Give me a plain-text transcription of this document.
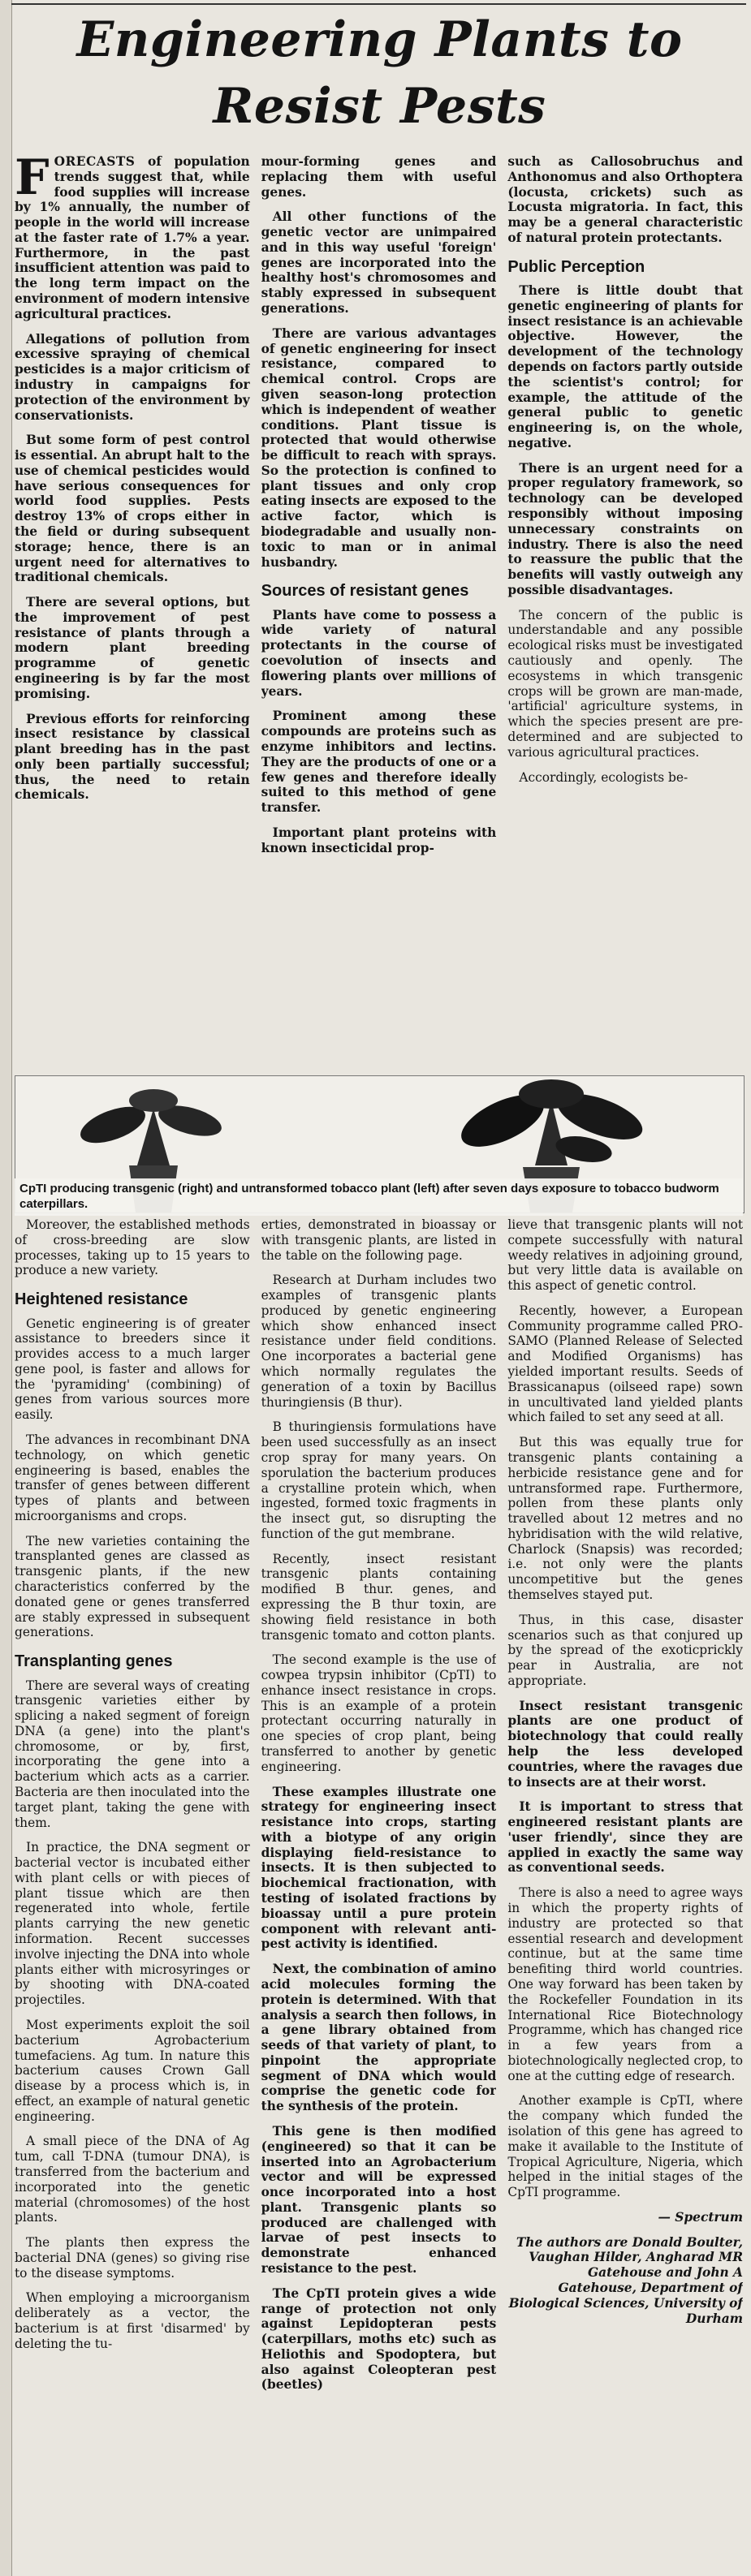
Engineering Plants to Resist Pests

FORECASTS of population trends suggest that, while food supplies will increase by 1% annually, the number of people in the world will increase at the faster rate of 1.7% a year. Furthermore, in the past insufficient attention was paid to the long term impact on the environment of modern intensive agricultural practices.

Allegations of pollution from excessive spraying of chemical pesticides is a major criticism of industry in campaigns for protection of the environment by conservationists.

But some form of pest control is essential. An abrupt halt to the use of chemical pesticides would have serious consequences for world food supplies. Pests destroy 13% of crops either in the field or during subsequent storage; hence, there is an urgent need for alternatives to traditional chemicals.

There are several options, but the improvement of pest resistance of plants through a modern plant breeding programme of genetic engineering is by far the most promising.

Previous efforts for reinforcing insect resistance by classical plant breeding has in the past only been partially successful; thus, the need to retain chemicals.

mour-forming genes and replacing them with useful genes.

All other functions of the genetic vector are unimpaired and in this way useful 'foreign' genes are incorporated into the healthy host's chromosomes and stably expressed in subsequent generations.

There are various advantages of genetic engineering for insect resistance, compared to chemical control. Crops are given season-long protection which is independent of weather conditions. Plant tissue is protected that would otherwise be difficult to reach with sprays. So the protection is confined to plant tissues and only crop eating insects are exposed to the active factor, which is biodegradable and usually non-toxic to man or in animal husbandry.

Sources of resistant genes

Plants have come to possess a wide variety of natural protectants in the course of coevolution of insects and flowering plants over millions of years.

Prominent among these compounds are proteins such as enzyme inhibitors and lectins. They are the products of one or a few genes and therefore ideally suited to this method of gene transfer.

Important plant proteins with known insecticidal prop-

such as Callosobruchus and Anthonomus and also Orthoptera (locusta, crickets) such as Locusta migratoria. In fact, this may be a general characteristic of natural protein protectants.

Public Perception

There is little doubt that genetic engineering of plants for insect resistance is an achievable objective. However, the development of the technology depends on factors partly outside the scientist's control; for example, the attitude of the general public to genetic engineering is, on the whole, negative.

There is an urgent need for a proper regulatory framework, so technology can be developed responsibly without imposing unnecessary constraints on industry. There is also the need to reassure the public that the benefits will vastly outweigh any possible disadvantages.

The concern of the public is understandable and any possible ecological risks must be investigated cautiously and openly. The ecosystems in which transgenic crops will be grown are man-made, 'artificial' agriculture systems, in which the species present are pre-determined and are subjected to various agricultural practices.

Accordingly, ecologists be-

CpTI producing transgenic (right) and untransformed tobacco plant (left) after seven days exposure to tobacco budworm caterpillars.

Moreover, the established methods of cross-breeding are slow processes, taking up to 15 years to produce a new variety.

Heightened resistance

Genetic engineering is of greater assistance to breeders since it provides access to a much larger gene pool, is faster and allows for the 'pyramiding' (combining) of genes from various sources more easily.

The advances in recombinant DNA technology, on which genetic engineering is based, enables the transfer of genes between different types of plants and between microorganisms and crops.

The new varieties containing the transplanted genes are classed as transgenic plants, if the new characteristics conferred by the donated gene or genes transferred are stably expressed in subsequent generations.

Transplanting genes

There are several ways of creating transgenic varieties either by splicing a naked segment of foreign DNA (a gene) into the plant's chromosome, or by, first, incorporating the gene into a bacterium which acts as a carrier. Bacteria are then inoculated into the target plant, taking the gene with them.

In practice, the DNA segment or bacterial vector is incubated either with plant cells or with pieces of plant tissue which are then regenerated into whole, fertile plants carrying the new genetic information. Recent successes involve injecting the DNA into whole plants either with microsyringes or by shooting with DNA-coated projectiles.

Most experiments exploit the soil bacterium Agrobacterium tumefaciens. Ag tum. In nature this bacterium causes Crown Gall disease by a process which is, in effect, an example of natural genetic engineering.

A small piece of the DNA of Ag tum, call T-DNA (tumour DNA), is transferred from the bacterium and incorporated into the genetic material (chromosomes) of the host plants.

The plants then express the bacterial DNA (genes) so giving rise to the disease symptoms.

When employing a microorganism deliberately as a vector, the bacterium is at first 'disarmed' by deleting the tu-

erties, demonstrated in bioassay or with transgenic plants, are listed in the table on the following page.

Research at Durham includes two examples of transgenic plants produced by genetic engineering which show enhanced insect resistance under field conditions. One incorporates a bacterial gene which normally regulates the generation of a toxin by Bacillus thuringiensis (B thur).

B thuringiensis formulations have been used successfully as an insect crop spray for many years. On sporulation the bacterium produces a crystalline protein which, when ingested, formed toxic fragments in the insect gut, so disrupting the function of the gut membrane.

Recently, insect resistant transgenic plants containing modified B thur. genes, and expressing the B thur toxin, are showing field resistance in both transgenic tomato and cotton plants.

The second example is the use of cowpea trypsin inhibitor (CpTI) to enhance insect resistance in crops. This is an example of a protein protectant occurring naturally in one species of crop plant, being transferred to another by genetic engineering.

These examples illustrate one strategy for engineering insect resistance into crops, starting with a biotype of any origin displaying field-resistance to insects. It is then subjected to biochemical fractionation, with testing of isolated fractions by bioassay until a pure protein component with relevant anti-pest activity is identified.

Next, the combination of amino acid molecules forming the protein is determined. With that analysis a search then follows, in a gene library obtained from seeds of that variety of plant, to pinpoint the appropriate segment of DNA which would comprise the genetic code for the synthesis of the protein.

This gene is then modified (engineered) so that it can be inserted into an Agrobacterium vector and will be expressed once incorporated into a host plant. Transgenic plants so produced are challenged with larvae of pest insects to demonstrate enhanced resistance to the pest.

The CpTI protein gives a wide range of protection not only against Lepidopteran pests (caterpillars, moths etc) such as Heliothis and Spodoptera, but also against Coleopteran pest (beetles)

lieve that transgenic plants will not compete successfully with natural weedy relatives in adjoining ground, but very little data is available on this aspect of genetic control.

Recently, however, a European Community programme called PRO-SAMO (Planned Release of Selected and Modified Organisms) has yielded important results. Seeds of Brassicanapus (oilseed rape) sown in uncultivated land yielded plants which failed to set any seed at all.

But this was equally true for transgenic plants containing a herbicide resistance gene and for untransformed rape. Furthermore, pollen from these plants only travelled about 12 metres and no hybridisation with the wild relative, Charlock (Snapsis) was recorded; i.e. not only were the plants uncompetitive but the genes themselves stayed put.

Thus, in this case, disaster scenarios such as that conjured up by the spread of the exoticprickly pear in Australia, are not appropriate.

Insect resistant transgenic plants are one product of biotechnology that could really help the less developed countries, where the ravages due to insects are at their worst.

It is important to stress that engineered resistant plants are 'user friendly', since they are applied in exactly the same way as conventional seeds.

There is also a need to agree ways in which the property rights of industry are protected so that essential research and development continue, but at the same time benefiting third world countries. One way forward has been taken by the Rockefeller Foundation in its International Rice Biotechnology Programme, which has changed rice in a few years from a biotechnologically neglected crop, to one at the cutting edge of research.

Another example is CpTI, where the company which funded the isolation of this gene has agreed to make it available to the Institute of Tropical Agriculture, Nigeria, which helped in the initial stages of the CpTI programme.

— Spectrum

The authors are Donald Boulter, Vaughan Hilder, Angharad MR Gatehouse and John A Gatehouse, Department of Biological Sciences, University of Durham
